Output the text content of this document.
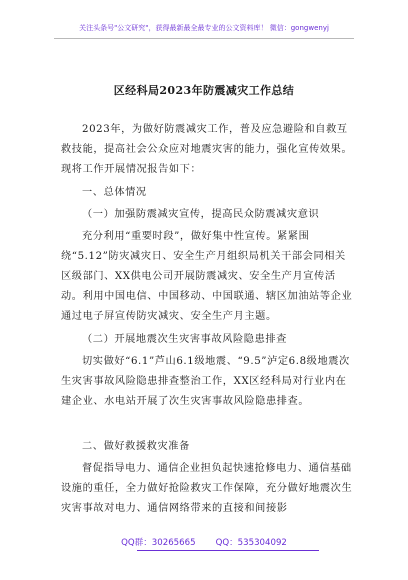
关注头条号"公文研究"，获得最新最全最专业的公文资料库！ 微信：gongwenyj
区经科局2023年防震减灾工作总结

2023年，为做好防震减灾工作，普及应急避险和自救互救技能，提高社会公众应对地震灾害的能力，强化宣传效果。现将工作开展情况报告如下：

一、总体情况
（一）加强防震减灾宣传，提高民众防震减灾意识

充分利用“重要时段”，做好集中性宣传。紧紧围绕“5.12”防灾减灾日、安全生产月组织局机关干部会同相关区级部门、XX供电公司开展防震减灾、安全生产月宣传活动。利用中国电信、中国移动、中国联通、辖区加油站等企业通过电子屏宣传防灾减灾、安全生产月主题。

（二）开展地震次生灾害事故风险隐患排查

切实做好“6.1”芦山6.1级地震、“9.5”泸定6.8级地震次生灾害事故风险隐患排查整治工作，XX区经科局对行业内在建企业、水电站开展了次生灾害事故风险隐患排查。

二、做好救援救灾准备

督促指导电力、通信企业担负起快速抢修电力、通信基础设施的重任，全力做好抢险救灾工作保障，充分做好地震次生灾害事故对电力、通信网络带来的直接和间接影

QQ群：30265665 QQ：535304092
